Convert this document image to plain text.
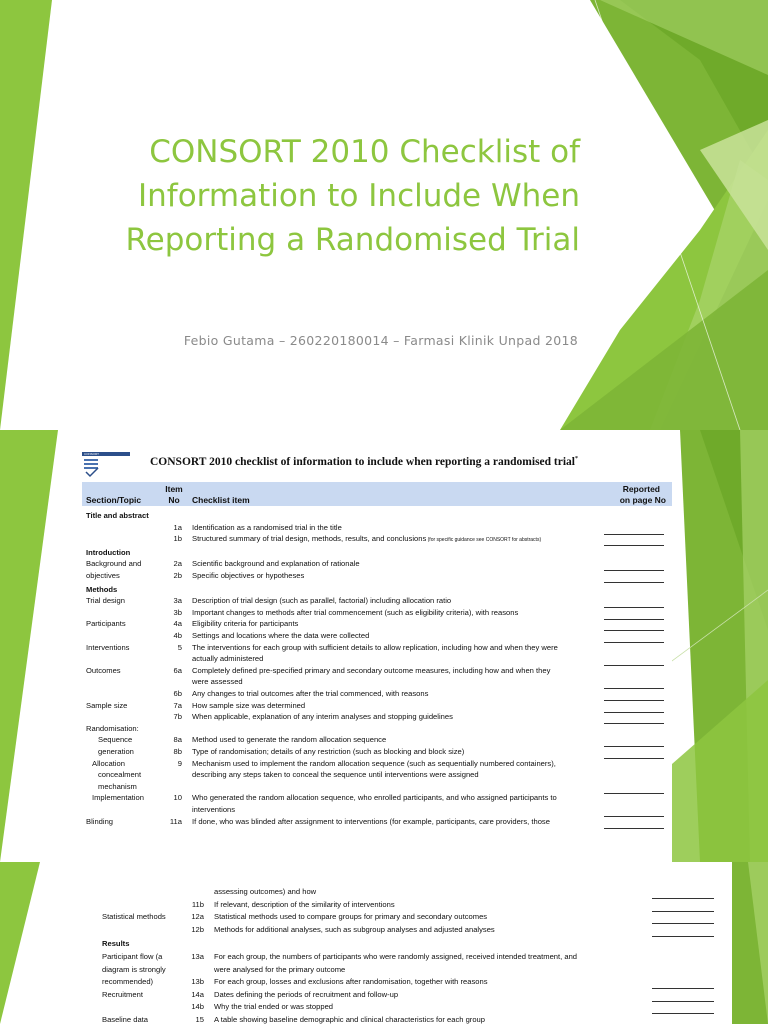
CONSORT 2010 Checklist of Information to Include When Reporting a Randomised Trial
Febio Gutama – 260220180014 – Farmasi Klinik Unpad 2018
CONSORT
CONSORT 2010 checklist of information to include when reporting a randomised trial*
Section/Topic
Item
No	Checklist item
Reported
on page No
Title and abstract
1a Identification as a randomised trial in the title
1b Structured summary of trial design, methods, results, and conclusions (for specific guidance see CONSORT for abstracts)
Introduction
Background and	2a Scientific background and explanation of rationale
objectives	2b Specific objectives or hypotheses
Methods
Trial design	3a Description of trial design (such as parallel, factorial) including allocation ratio
3b Important changes to methods after trial commencement (such as eligibility criteria), with reasons
Participants	4a Eligibility criteria for participants
4b Settings and locations where the data were collected
Interventions	5 The interventions for each group with sufficient details to allow replication, including how and when they were
actually administered
Outcomes	6a Completely defined pre-specified primary and secondary outcome measures, including how and when they
were assessed
6b Any changes to trial outcomes after the trial commenced, with reasons
Sample size	7a How sample size was determined
7b When applicable, explanation of any interim analyses and stopping guidelines
Randomisation:
Sequence	8a Method used to generate the random allocation sequence
generation	8b Type of randomisation; details of any restriction (such as blocking and block size)
Allocation	9 Mechanism used to implement the random allocation sequence (such as sequentially numbered containers),
concealment	describing any steps taken to conceal the sequence until interventions were assigned
mechanism
Implementation	10 Who generated the random allocation sequence, who enrolled participants, and who assigned participants to
interventions
Blinding	11a If done, who was blinded after assignment to interventions (for example, participants, care providers, those
assessing outcomes) and how
11b If relevant, description of the similarity of interventions
Statistical methods	12a Statistical methods used to compare groups for primary and secondary outcomes
12b Methods for additional analyses, such as subgroup analyses and adjusted analyses
Results
Participant flow (a	13a For each group, the numbers of participants who were randomly assigned, received intended treatment, and
diagram is strongly	were analysed for the primary outcome
recommended)	13b For each group, losses and exclusions after randomisation, together with reasons
Recruitment	14a Dates defining the periods of recruitment and follow-up
14b Why the trial ended or was stopped
Baseline data	15 A table showing baseline demographic and clinical characteristics for each group
